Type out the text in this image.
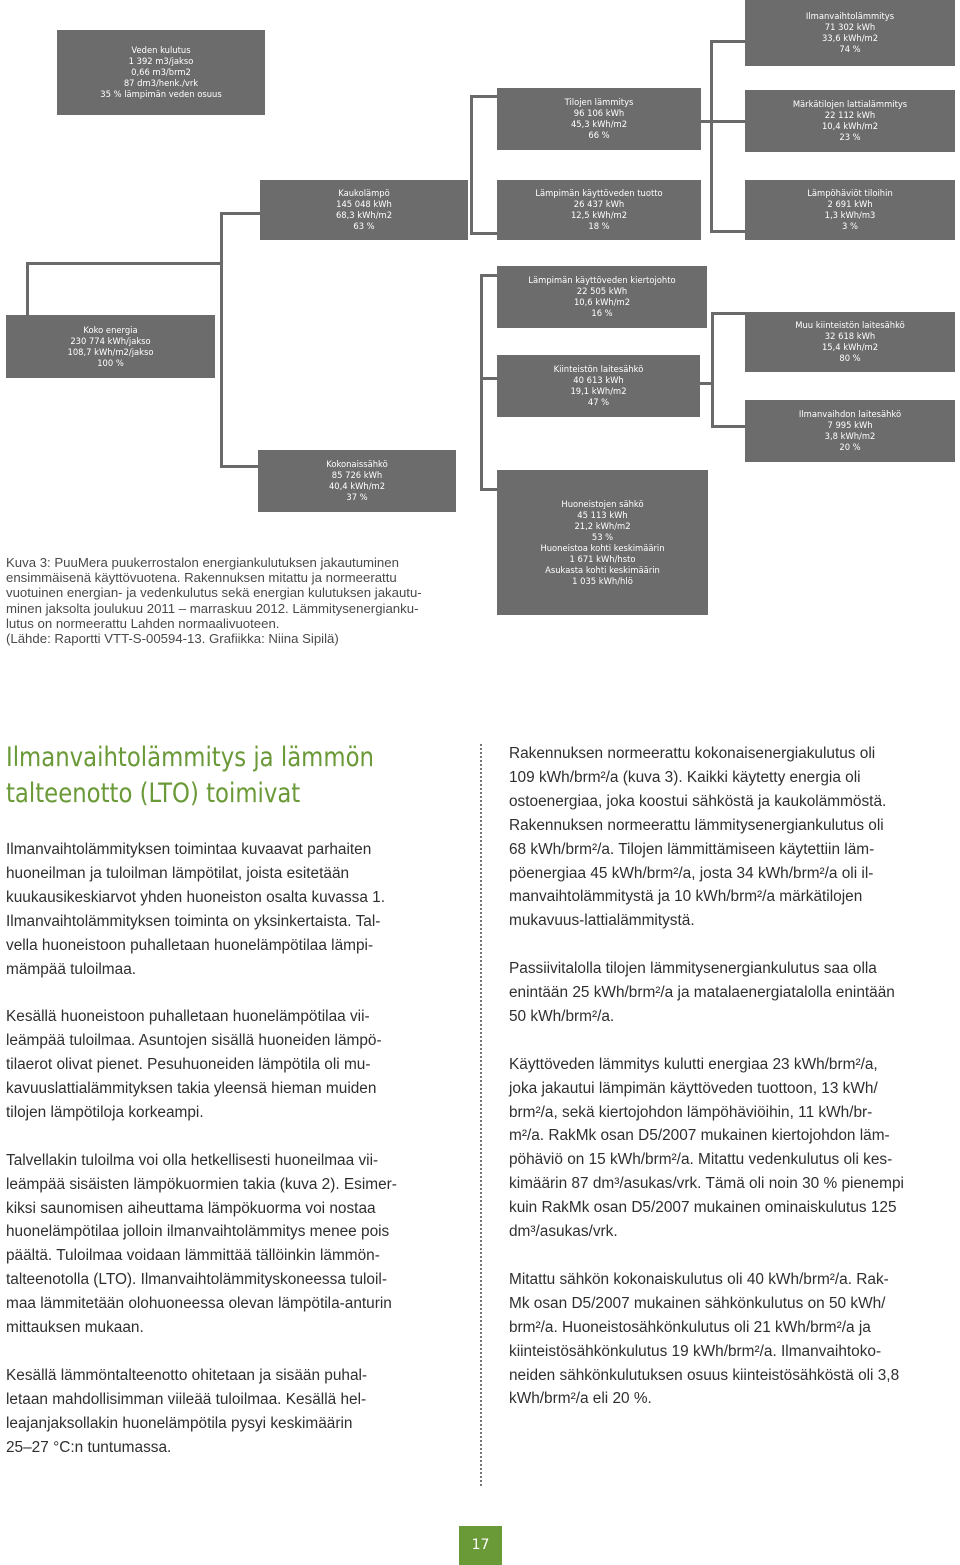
Veden kulutus
1 392 m3/jakso
0,66 m3/brm2
87 dm3/henk./vrk
35 % lämpimän veden osuus
Koko energia
230 774 kWh/jakso
108,7 kWh/m2/jakso
100 %
Kaukolämpö
145 048 kWh
68,3 kWh/m2
63 %
Kokonaissähkö
85 726 kWh
40,4 kWh/m2
37 %
Tilojen lämmitys
96 106 kWh
45,3 kWh/m2
66 %
Lämpimän käyttöveden tuotto
26 437 kWh
12,5 kWh/m2
18 %
Lämpimän käyttöveden kiertojohto
22 505 kWh
10,6 kWh/m2
16 %
Kiinteistön laitesähkö
40 613 kWh
19,1 kWh/m2
47 %
Huoneistojen sähkö
45 113 kWh
21,2 kWh/m2
53 %
Huoneistoa kohti keskimäärin
1 671 kWh/hsto
Asukasta kohti keskimäärin
1 035 kWh/hlö
Ilmanvaihtolämmitys
71 302 kWh
33,6 kWh/m2
74 %
Märkätilojen lattialämmitys
22 112 kWh
10,4 kWh/m2
23 %
Lämpöhäviöt tiloihin
2 691 kWh
1,3 kWh/m3
3 %
Muu kiinteistön laitesähkö
32 618 kWh
15,4 kWh/m2
80 %
Ilmanvaihdon laitesähkö
7 995 kWh
3,8 kWh/m2
20 %
Kuva 3: PuuMera puukerrostalon energiankulutuksen jakautuminen
ensimmäisenä käyttövuotena. Rakennuksen mitattu ja normeerattu
vuotuinen energian- ja vedenkulutus sekä energian kulutuksen jakautu-
minen jaksolta joulukuu 2011 – marraskuu 2012. Lämmitysenergianku-
lutus on normeerattu Lahden normaalivuoteen.
(Lähde: Raportti VTT-S-00594-13. Grafiikka: Niina Sipilä)
Ilmanvaihtolämmitys ja lämmön
talteenotto (LTO) toimivat
Ilmanvaihtolämmityksen toimintaa kuvaavat parhaiten
huoneilman ja tuloilman lämpötilat, joista esitetään
kuukausikeskiarvot yhden huoneiston osalta kuvassa 1.
Ilmanvaihtolämmityksen toiminta on yksinkertaista. Tal-
vella huoneistoon puhalletaan huonelämpötilaa lämpi-
mämpää tuloilmaa.
Kesällä huoneistoon puhalletaan huonelämpötilaa vii-
leämpää tuloilmaa. Asuntojen sisällä huoneiden lämpö-
tilaerot olivat pienet. Pesuhuoneiden lämpötila oli mu-
kavuuslattialämmityksen takia yleensä hieman muiden
tilojen lämpötiloja korkeampi.
Talvellakin tuloilma voi olla hetkellisesti huoneilmaa vii-
leämpää sisäisten lämpökuormien takia (kuva 2). Esimer-
kiksi saunomisen aiheuttama lämpökuorma voi nostaa
huonelämpötilaa jolloin ilmanvaihtolämmitys menee pois
päältä. Tuloilmaa voidaan lämmittää tällöinkin lämmön-
talteenotolla (LTO). Ilmanvaihtolämmityskoneessa tuloil-
maa lämmitetään olohuoneessa olevan lämpötila-anturin
mittauksen mukaan.
Kesällä lämmöntalteenotto ohitetaan ja sisään puhal-
letaan mahdollisimman viileää tuloilmaa. Kesällä hel-
leajanjaksollakin huonelämpötila pysyi keskimäärin
25–27 °C:n tuntumassa.
Rakennuksen normeerattu kokonaisenergiakulutus oli
109 kWh/brm²/a (kuva 3). Kaikki käytetty energia oli
ostoenergiaa, joka koostui sähköstä ja kaukolämmöstä.
Rakennuksen normeerattu lämmitysenergiankulutus oli
68 kWh/brm²/a. Tilojen lämmittämiseen käytettiin läm-
pöenergiaa 45 kWh/brm²/a, josta 34 kWh/brm²/a oli il-
manvaihtolämmitystä ja 10 kWh/brm²/a märkätilojen
mukavuus-lattialämmitystä.
Passiivitalolla tilojen lämmitysenergiankulutus saa olla
enintään 25 kWh/brm²/a ja matalaenergiatalolla enintään
50 kWh/brm²/a.
Käyttöveden lämmitys kulutti energiaa 23 kWh/brm²/a,
joka jakautui lämpimän käyttöveden tuottoon, 13 kWh/
brm²/a, sekä kiertojohdon lämpöhäviöihin, 11 kWh/br-
m²/a. RakMk osan D5/2007 mukainen kiertojohdon läm-
pöhäviö on 15 kWh/brm²/a. Mitattu vedenkulutus oli kes-
kimäärin 87 dm³/asukas/vrk. Tämä oli noin 30 % pienempi
kuin RakMk osan D5/2007 mukainen ominaiskulutus 125
dm³/asukas/vrk.
Mitattu sähkön kokonaiskulutus oli 40 kWh/brm²/a. Rak-
Mk osan D5/2007 mukainen sähkönkulutus on 50 kWh/
brm²/a. Huoneistosähkönkulutus oli 21 kWh/brm²/a ja
kiinteistösähkönkulutus 19 kWh/brm²/a. Ilmanvaihtoko-
neiden sähkönkulutuksen osuus kiinteistösähköstä oli 3,8
kWh/brm²/a eli 20 %.
17
